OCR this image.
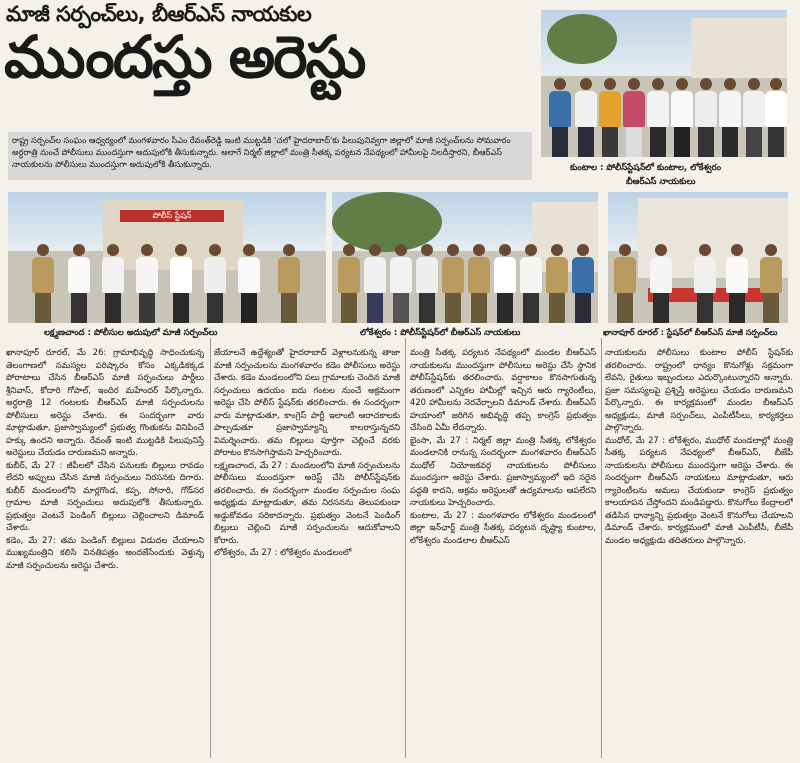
మాజీ సర్పంచ్‌లు, బీఆర్‌ఎస్ నాయకుల
ముందస్తు అరెస్టు
రాష్ట్ర సర్పంచ్‌ల సంఘం ఆధ్వర్యంలో మంగళవారం సీఎం రేవంత్‌రెడ్డి ఇంటి ముట్టడికి 'చలో హైదరాబాద్‌'కు పిలుపునివ్వగా జిల్లాలో మాజీ సర్పంచ్‌లను సోమవారం అర్ధరాత్రి నుంచే పోలీసులు ముందస్తుగా అదుపులోకి తీసుకున్నారు. అలాగే నిర్మల్ జిల్లాలో మంత్రి సీతక్క పర్యటన నేపథ్యంలో హామీలపై నిలదీస్తారని, బీఆర్‌ఎస్ నాయకులను పోలీసులు ముందస్తుగా అదుపులోకి తీసుకున్నారు.	కుంటాల : పోలీస్‌స్టేషన్‌లో కుంటాల, లోకేశ్వరం
బీఆర్‌ఎస్ నాయకులు
పోలీస్ స్టేషన్
లక్ష్మణచాంద : పోలీసుల అదుపులో మాజీ సర్పంచ్‌లు	లోకేశ్వరం : పోలీస్‌స్టేషన్‌లో బీఆర్‌ఎస్ నాయకులు	ఖానాపూర్ రూరల్ : స్టేషన్‌లో బీఆర్‌ఎస్ మాజీ సర్పంచ్‌లు

ఖానాపూర్ రూరల్, మే 26: గ్రామాభివృద్ధి సాధించుకున్న తెలంగాణలో సమస్యల పరిష్కారం కోసం ఎక్కడికక్కడ పోరాటాలు చేసిన బీఆర్‌ఎస్ మాజీ సర్పంచులు పార్టీలు శ్రీనివాస్, కోదారి గోపాల్, ఇందిర మహేందర్ పేర్కొన్నారు. అర్ధరాత్రి 12 గంటలకు బీఆర్‌ఎస్ మాజీ సర్పంచులను పోలీసులు అరెస్టు చేశారు. ఈ సందర్భంగా వారు మాట్లాడుతూ, ప్రజాస్వామ్యంలో ప్రభుత్వ గొంతుకను వినిపించే హక్కు ఉందని అన్నారు. రేవంత్ ఇంటి ముట్టడికి పిలుపునిస్తే అరెస్టులు చేయడం దారుణమని అన్నారు.

కుబీర్, మే 27 : జీపీలలో చేసిన పనులకు బిల్లులు రావడం లేదని అప్పులు చేసిన మాజీ సర్పంచులు నిరసనకు దిగారు. కుబీర్ మండలంలోని మార్లగొండ, కప్ప, సోనారి, గోడ్‌సర గ్రామాల మాజీ సర్పంచులు అదుపులోకి తీసుకున్నారు. ప్రభుత్వం వెంటనే పెండింగ్ బిల్లులు చెల్లించాలని డిమాండ్ చేశారు.

కడెం, మే 27: తమ పెండింగ్ బిల్లులు విడుదల చేయాలని ముఖ్యమంత్రిని కలిసి వినతిపత్రం అందజేసేందుకు వెళ్తున్న మాజీ సర్పంచులను అరెస్టు చేశారు.

జేయాలనే ఉద్దేశ్యంతో హైదరాబాద్ వెళ్లాలనుకున్న తాజా మాజీ సర్పంచులను మంగళవారం కడెం పోలీసులు అరెస్టు చేశారు. కడెం మండలంలోని పలు గ్రామాలకు చెందిన మాజీ సర్పంచులు ఉదయం ఐదు గంటల నుంచే అక్రమంగా అరెస్టు చేసి పోలీస్ స్టేషన్‌కు తరలించారు. ఈ సందర్భంగా వారు మాట్లాడుతూ, కాంగ్రెస్ పార్టీ ఇలాంటి ఆరాచకాలకు పాల్పడుతూ ప్రజాస్వామ్యాన్ని కాలరాస్తున్నదని విమర్శించారు. తమ బిల్లులు పూర్తిగా చెల్లించే వరకు పోరాటం కొనసాగిస్తామని హెచ్చరించారు.

లక్ష్మణచాంద, మే 27 : మండలంలోని మాజీ సర్పంచులను పోలీసులు ముందస్తుగా అరెస్ట్ చేసి పోలీస్‌స్టేషన్‌కు తరలించారు. ఈ సందర్భంగా మండల సర్పంచుల సంఘ అధ్యక్షుడు మాట్లాడుతూ, తమ నిరసనను తెలుపకుండా అడ్డుకోవడం సరికాదన్నారు. ప్రభుత్వం వెంటనే పెండింగ్ బిల్లులు చెల్లించి మాజీ సర్పంచులను ఆదుకోవాలని కోరారు.

లోకేశ్వరం, మే 27 : లోకేశ్వరం మండలంలో

మంత్రి సీతక్క పర్యటన నేపథ్యంలో మండల బీఆర్‌ఎస్ నాయకులను ముందస్తుగా పోలీసులు అరెస్టు చేసి స్థానిక పోలీస్‌స్టేషన్‌కు తరలించారు. వర్షాకాలం కొనసాగుతున్న తరుణంలో ఎన్నికల హామీల్లో ఇచ్చిన ఆరు గ్యారెంటీలు, 420 హామీలను నెరవేర్చాలని డిమాండ్ చేశారు. బీఆర్‌ఎస్ హయాంలో జరిగిన అభివృద్ధి తప్ప కాంగ్రెస్ ప్రభుత్వం చేసింది ఏమీ లేదన్నారు.

భైంసా, మే 27 : నిర్మల్ జిల్లా మంత్రి సీతక్క లోకేశ్వరం మండలానికి రానున్న సందర్భంగా మంగళవారం బీఆర్‌ఎస్ ముధోల్ నియోజకవర్గ నాయకులను పోలీసులు ముందస్తుగా అరెస్టు చేశారు. ప్రజాస్వామ్యంలో ఇది సరైన పద్ధతి కాదని, అక్రమ అరెస్టులతో ఉద్యమాలను ఆపలేరని నాయకులు హెచ్చరించారు.

కుంటాల, మే 27 : మంగళవారం లోకేశ్వరం మండలంలో జిల్లా ఇన్‌ఛార్జ్ మంత్రి సీతక్క పర్యటన దృష్ట్యా కుంటాల, లోకేశ్వరం మండలాల బీఆర్‌ఎస్

నాయకులను పోలీసులు కుంటాల పోలీస్ స్టేషన్‌కు తరలించారు. రాష్ట్రంలో ధాన్యం కొనుగోళ్లు సక్రమంగా లేవని, రైతులు ఇబ్బందులు ఎదుర్కొంటున్నారని అన్నారు. ప్రజా సమస్యలపై ప్రశ్నిస్తే అరెస్టులు చేయడం దారుణమని పేర్కొన్నారు. ఈ కార్యక్రమంలో మండల బీఆర్‌ఎస్ అధ్యక్షుడు, మాజీ సర్పంచ్‌లు, ఎంపీటీసీలు, కార్యకర్తలు పాల్గొన్నారు.

ముధోల్, మే 27 : లోకేశ్వరం, ముధోల్ మండలాల్లో మంత్రి సీతక్క పర్యటన నేపథ్యంలో బీఆర్‌ఎస్, బీజేపీ నాయకులను పోలీసులు ముందస్తుగా అరెస్టు చేశారు. ఈ సందర్భంగా బీఆర్‌ఎస్ నాయకులు మాట్లాడుతూ, ఆరు గ్యారెంటీలను అమలు చేయకుండా కాంగ్రెస్ ప్రభుత్వం కాలయాపన చేస్తోందని మండిపడ్డారు. కొనుగోలు కేంద్రాలలో తడిసిన ధాన్యాన్ని ప్రభుత్వం వెంటనే కొనుగోలు చేయాలని డిమాండ్ చేశారు. కార్యక్రమంలో మాజీ ఎంపీటీసీ, బీజేపీ మండల అధ్యక్షుడు తదితరులు పాల్గొన్నారు.
